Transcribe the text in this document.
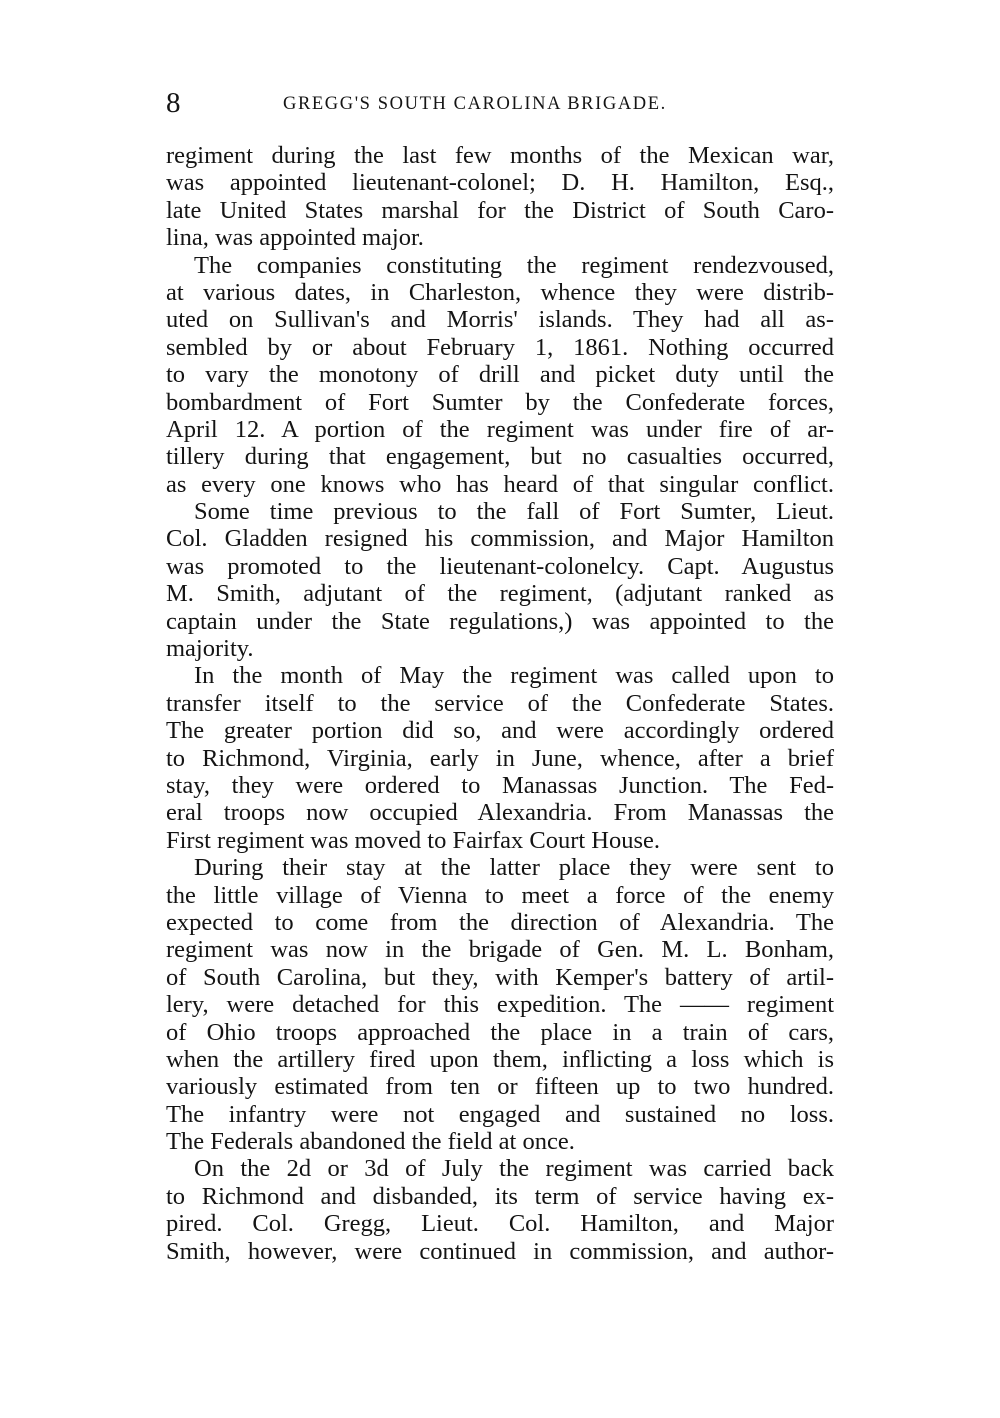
8	GREGG'S SOUTH CAROLINA BRIGADE.
regiment during the last few months of the Mexican war,
was appointed lieutenant-colonel; D. H. Hamilton, Esq.,
late United States marshal for the District of South Caro-
lina, was appointed major.
The companies constituting the regiment rendezvoused,
at various dates, in Charleston, whence they were distrib-
uted on Sullivan's and Morris' islands. They had all as-
sembled by or about February 1, 1861. Nothing occurred
to vary the monotony of drill and picket duty until the
bombardment of Fort Sumter by the Confederate forces,
April 12. A portion of the regiment was under fire of ar-
tillery during that engagement, but no casualties occurred,
as every one knows who has heard of that singular conflict.
Some time previous to the fall of Fort Sumter, Lieut.
Col. Gladden resigned his commission, and Major Hamilton
was promoted to the lieutenant-colonelcy. Capt. Augustus
M. Smith, adjutant of the regiment, (adjutant ranked as
captain under the State regulations,) was appointed to the
majority.
In the month of May the regiment was called upon to
transfer itself to the service of the Confederate States.
The greater portion did so, and were accordingly ordered
to Richmond, Virginia, early in June, whence, after a brief
stay, they were ordered to Manassas Junction. The Fed-
eral troops now occupied Alexandria. From Manassas the
First regiment was moved to Fairfax Court House.
During their stay at the latter place they were sent to
the little village of Vienna to meet a force of the enemy
expected to come from the direction of Alexandria. The
regiment was now in the brigade of Gen. M. L. Bonham,
of South Carolina, but they, with Kemper's battery of artil-
lery, were detached for this expedition. The —— regiment
of Ohio troops approached the place in a train of cars,
when the artillery fired upon them, inflicting a loss which is
variously estimated from ten or fifteen up to two hundred.
The infantry were not engaged and sustained no loss.
The Federals abandoned the field at once.
On the 2d or 3d of July the regiment was carried back
to Richmond and disbanded, its term of service having ex-
pired. Col. Gregg, Lieut. Col. Hamilton, and Major
Smith, however, were continued in commission, and author-
